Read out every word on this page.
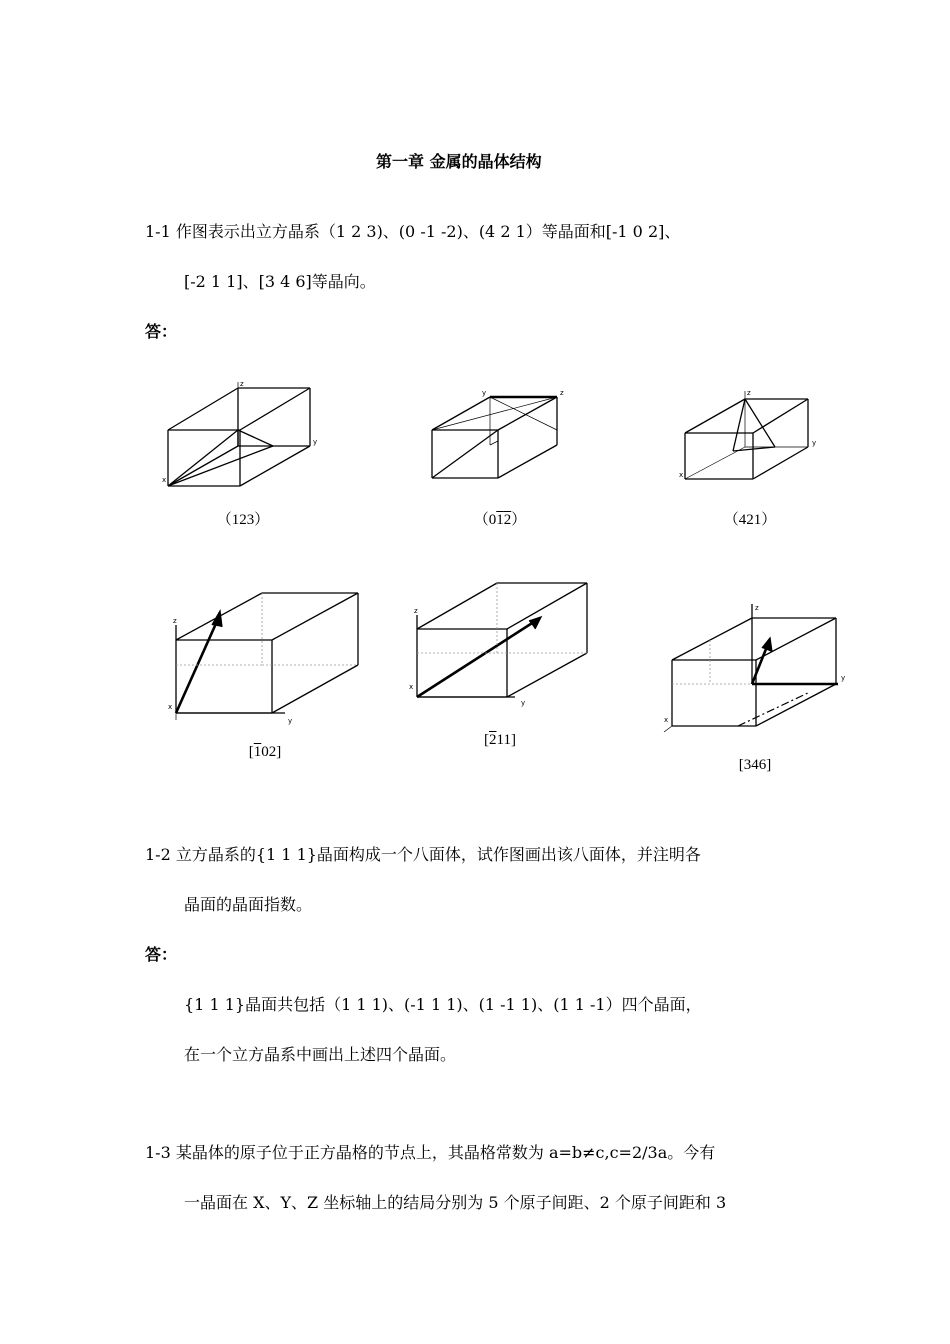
第一章 金属的晶体结构
1-1 作图表示出立方晶系（1 2 3)、(0 -1 -2)、(4 2 1）等晶面和[-1 0 2]、
[-2 1 1]、[3 4 6]等晶向。
答：
z
y
x
（123）
z
y
（012）
z
y
x
（421）
z
y
x
[102]
z
y
x
[211]
z
y
x
[346]
1-2 立方晶系的{1 1 1}晶面构成一个八面体，试作图画出该八面体，并注明各
晶面的晶面指数。
答：
{1 1 1}晶面共包括（1 1 1)、(-1 1 1)、(1 -1 1)、(1 1 -1）四个晶面，
在一个立方晶系中画出上述四个晶面。
1-3 某晶体的原子位于正方晶格的节点上，其晶格常数为 a=b≠c,c=2/3a。今有
一晶面在 X、Y、Z 坐标轴上的结局分别为 5 个原子间距、2 个原子间距和 3
